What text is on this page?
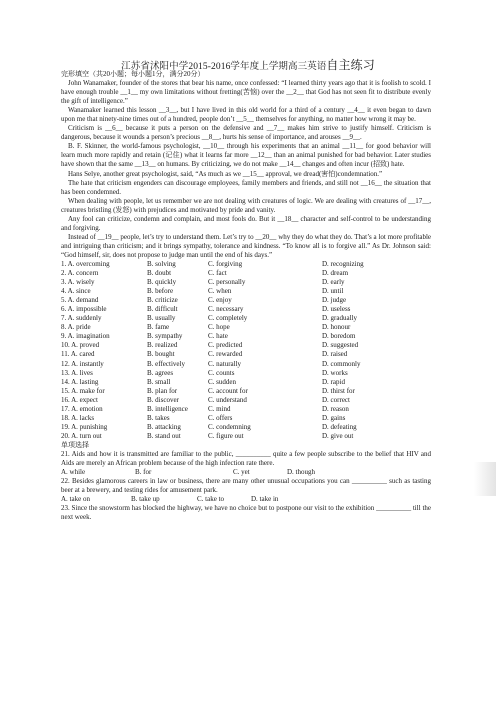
江苏省沭阳中学2015-2016学年度上学期高三英语自主练习

完形填空（共20小题；每小题1分，满分20分）

John Wanamaker, founder of the stores that bear his name, once confessed: “I learned thirty years ago that it is foolish to scold. I have enough trouble __1__ my own limitations without fretting(苦恼) over the __2__ that God has not seen fit to distribute evenly the gift of intelligence.”

Wanamaker learned this lesson __3__, but I have lived in this old world for a third of a century __4__ it even began to dawn upon me that ninety-nine times out of a hundred, people don’t __5__ themselves for anything, no matter how wrong it may be.

Criticism is __6__ because it puts a person on the defensive and __7__ makes him strive to justify himself. Criticism is dangerous, because it wounds a person’s precious __8__, hurts his sense of importance, and arouses __9__.

B. F. Skinner, the world-famous psychologist, __10__ through his experiments that an animal __11__ for good behavior will learn much more rapidly and retain (记住) what it learns far more __12__ than an animal punished for bad behavior. Later studies have shown that the same __13__ on humans. By criticizing, we do not make __14__ changes and often incur (招致) hate.

Hans Selye, another great psychologist, said, “As much as we __15__ approval, we dread(害怕)condemnation.”

The hate that criticism engenders can discourage employees, family members and friends, and still not __16__ the situation that has been condemned.

When dealing with people, let us remember we are not dealing with creatures of logic. We are dealing with creatures of __17__, creatures bristling (发怒) with prejudices and motivated by pride and vanity.

Any fool can criticize, condemn and complain, and most fools do. But it __18__ character and self-control to be understanding and forgiving.

Instead of __19__ people, let’s try to understand them. Let’s try to __20__ why they do what they do. That’s a lot more profitable and intriguing than criticism; and it brings sympathy, tolerance and kindness. “To know all is to forgive all.” As Dr. Johnson said: “God himself, sir, does not propose to judge man until the end of his days.”

1. A. overcoming	B. solving	C. forgiving	D. recognizing
2. A. concern	B. doubt	C. fact	D. dream
3. A. wisely	B. quickly	C. personally	D. early
4. A. since	B. before	C. when	D. until
5. A. demand	B. criticize	C. enjoy	D. judge
6. A. impossible	B. difficult	C. necessary	D. useless
7. A. suddenly	B. usually	C. completely	D. gradually
8. A. pride	B. fame	C. hope	D. honour
9. A. imagination	B. sympathy	C. hate	D. boredom
10. A. proved	B. realized	C. predicted	D. suggested
11. A. cared	B. bought	C. rewarded	D. raised
12. A. instantly	B. effectively	C. naturally	D. commonly
13. A. lives	B. agrees	C. counts	D. works
14. A. lasting	B. small	C. sudden	D. rapid
15. A. make for	B. plan for	C. account for	D. thirst for
16. A. expect	B. discover	C. understand	D. correct
17. A. emotion	B. intelligence	C. mind	D. reason
18. A. lacks	B. takes	C. offers	D. gains
19. A. punishing	B. attacking	C. condemning	D. defeating
20. A. turn out	B. stand out	C. figure out	D. give out

单项选择

21. Aids and how it is transmitted are familiar to the public, __________ quite a few people subscribe to the belief that HIV and Aids are merely an African problem because of the high infection rate there.

A. while	B. for	C. yet	D. though

22. Besides glamorous careers in law or business, there are many other unusual occupations you can __________ such as tasting beer at a brewery, and testing rides for amusement park.

A. take on	B. take up	C. take to	D. take in

23. Since the snowstorm has blocked the highway, we have no choice but to postpone our visit to the exhibition __________ till the next week.
